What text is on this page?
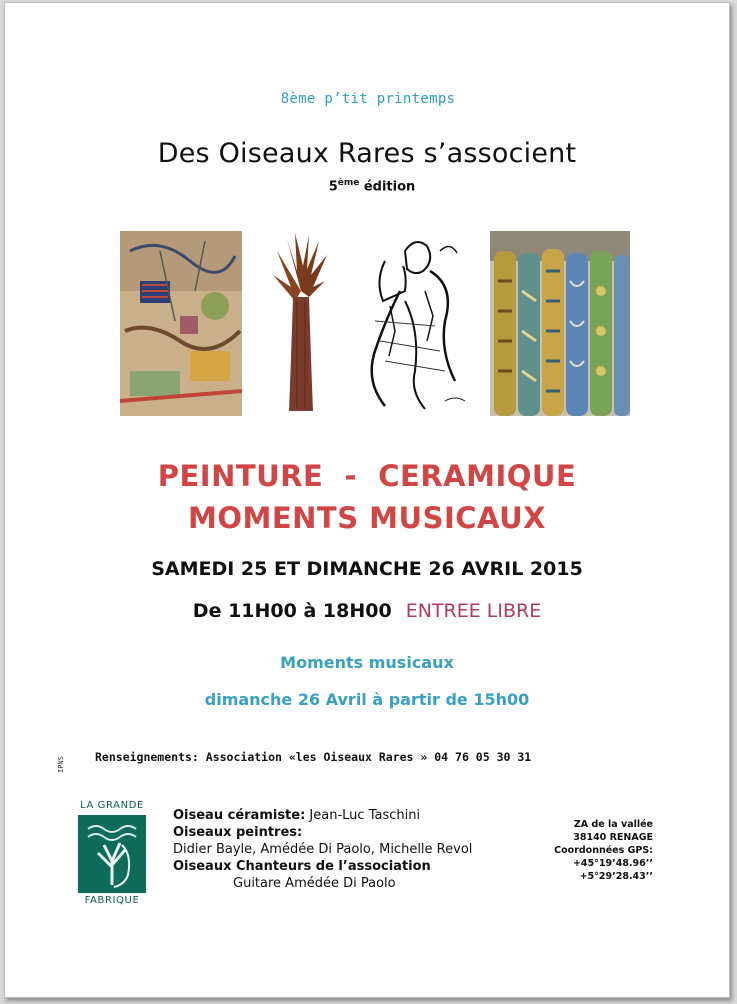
8ème p’tit printemps
Des Oiseaux Rares s’associent
5ème édition
PEINTURE  -  CERAMIQUE
MOMENTS MUSICAUX
SAMEDI 25 ET DIMANCHE 26 AVRIL 2015
De 11H00 à 18H00 ENTREE LIBRE
Moments musicaux
dimanche 26 Avril à partir de 15h00
Renseignements: Association «les Oiseaux Rares » 04 76 05 30 31
IPNS
LA GRANDE
FABRIQUE
Oiseau céramiste: Jean-Luc Taschini
Oiseaux peintres:
Didier Bayle, Amédée Di Paolo, Michelle Revol
Oiseaux Chanteurs de l’association
Guitare Amédée Di Paolo
ZA de la vallée
38140 RENAGE
Coordonnées GPS:
+45°19’48.96’’
+5°29’28.43’’
